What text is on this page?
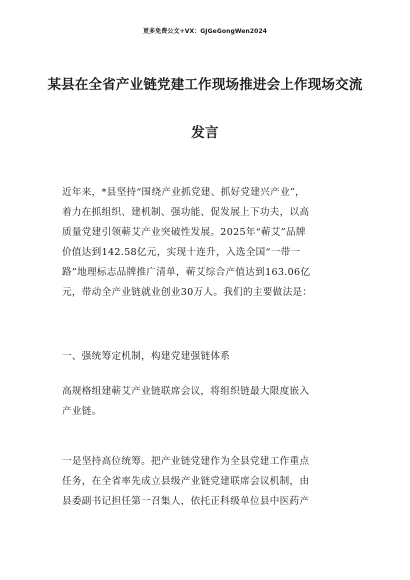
更多免费公文+VX：GJGeGongWen2024
某县在全省产业链党建工作现场推进会上作现场交流
发言
近年来，*县坚持“围绕产业抓党建、抓好党建兴产业”，
着力在抓组织、建机制、强功能、促发展上下功夫，以高
质量党建引领蕲艾产业突破性发展。2025年“蕲艾”品牌
价值达到142.58亿元，实现十连升，入选全国“一带一
路”地理标志品牌推广清单，蕲艾综合产值达到163.06亿
元，带动全产业链就业创业30万人。我们的主要做法是：
一、强统筹定机制，构建党建强链体系
高规格组建蕲艾产业链联席会议，将组织链最大限度嵌入
产业链。
一是坚持高位统筹。把产业链党建作为全县党建工作重点
任务，在全省率先成立县级产业链党建联席会议机制，由
县委副书记担任第一召集人，依托正科级单位县中医药产
